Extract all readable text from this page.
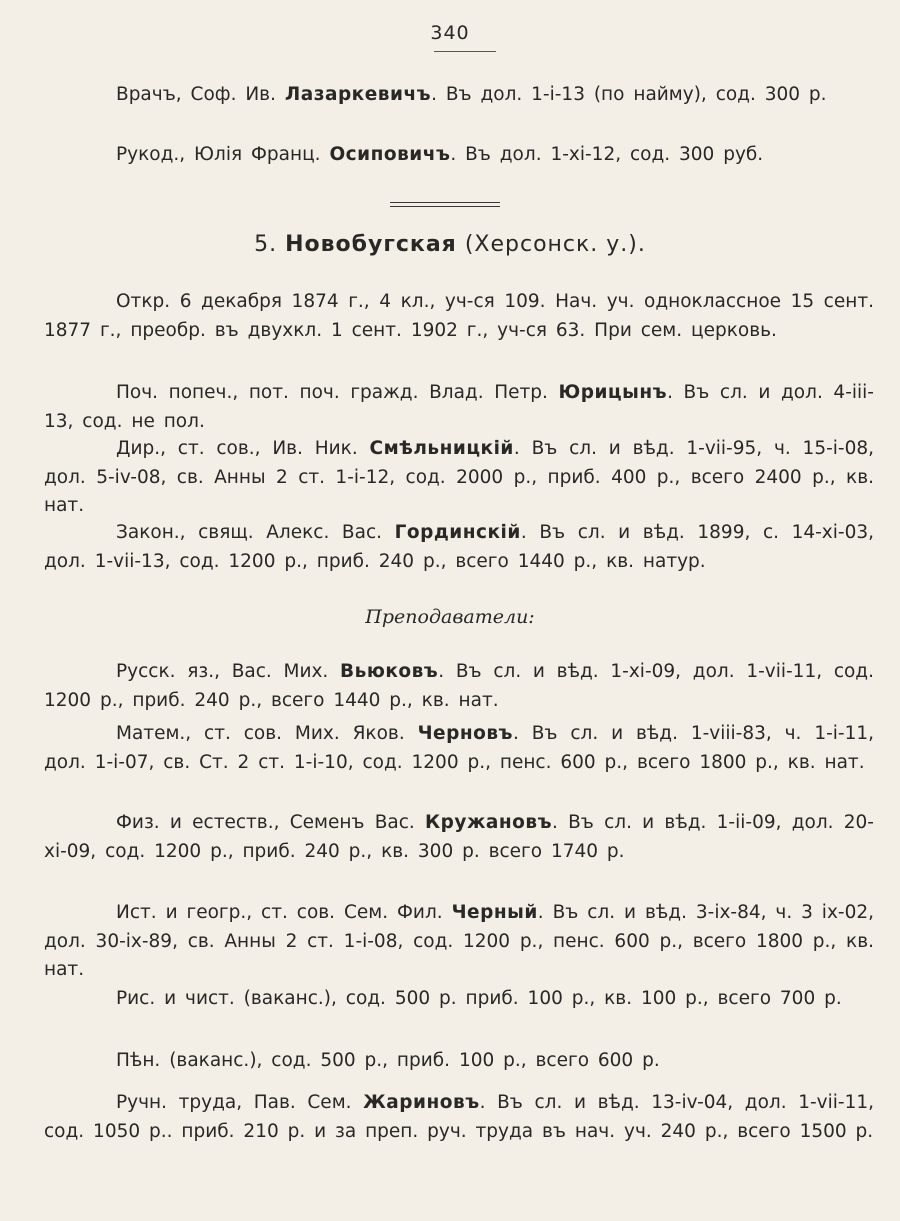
340

Врачъ, Соф. Ив. Лазаркевичъ. Въ дол. 1-i-13 (по найму), сод. 300 р.

Рукод., Юлія Франц. Осиповичъ. Въ дол. 1-xi-12, сод. 300 руб.

5. Новобугская (Херсонск. у.).

Откр. 6 декабря 1874 г., 4 кл., уч-ся 109. Нач. уч. одноклассное 15 сент. 1877 г., преобр. въ двухкл. 1 сент. 1902 г., уч-ся 63. При сем. церковь.

Поч. попеч., пот. поч. гражд. Влад. Петр. Юрицынъ. Въ сл. и дол. 4-iii-13, сод. не пол.

Дир., ст. сов., Ив. Ник. Смѣльницкій. Въ сл. и вѣд. 1-vii-95, ч. 15-i-08, дол. 5-iv-08, св. Анны 2 ст. 1-i-12, сод. 2000 р., приб. 400 р., всего 2400 р., кв. нат.

Закон., свящ. Алекс. Вас. Гординскій. Въ сл. и вѣд. 1899, с. 14-xi-03, дол. 1-vii-13, сод. 1200 р., приб. 240 р., всего 1440 р., кв. натур.

Преподаватели:

Русск. яз., Вас. Мих. Вьюковъ. Въ сл. и вѣд. 1-xi-09, дол. 1-vii-11, сод. 1200 р., приб. 240 р., всего 1440 р., кв. нат.

Матем., ст. сов. Мих. Яков. Черновъ. Въ сл. и вѣд. 1-viii-83, ч. 1-i-11, дол. 1-i-07, св. Ст. 2 ст. 1-i-10, сод. 1200 р., пенс. 600 р., всего 1800 р., кв. нат.

Физ. и естеств., Семенъ Вас. Кружановъ. Въ сл. и вѣд. 1-ii-09, дол. 20-xi-09, сод. 1200 р., приб. 240 р., кв. 300 р. всего 1740 р.

Ист. и геогр., ст. сов. Сем. Фил. Черный. Въ сл. и вѣд. 3-ix-84, ч. 3 ix-02, дол. 30-ix-89, св. Анны 2 ст. 1-i-08, сод. 1200 р., пенс. 600 р., всего 1800 р., кв. нат.

Рис. и чист. (ваканс.), сод. 500 р. приб. 100 р., кв. 100 р., всего 700 р.

Пѣн. (ваканс.), сод. 500 р., приб. 100 р., всего 600 р.

Ручн. труда, Пав. Сем. Жариновъ. Въ сл. и вѣд. 13-iv-04, дол. 1-vii-11, сод. 1050 р.. приб. 210 р. и за преп. руч. труда въ нач. уч. 240 р., всего 1500 р.
